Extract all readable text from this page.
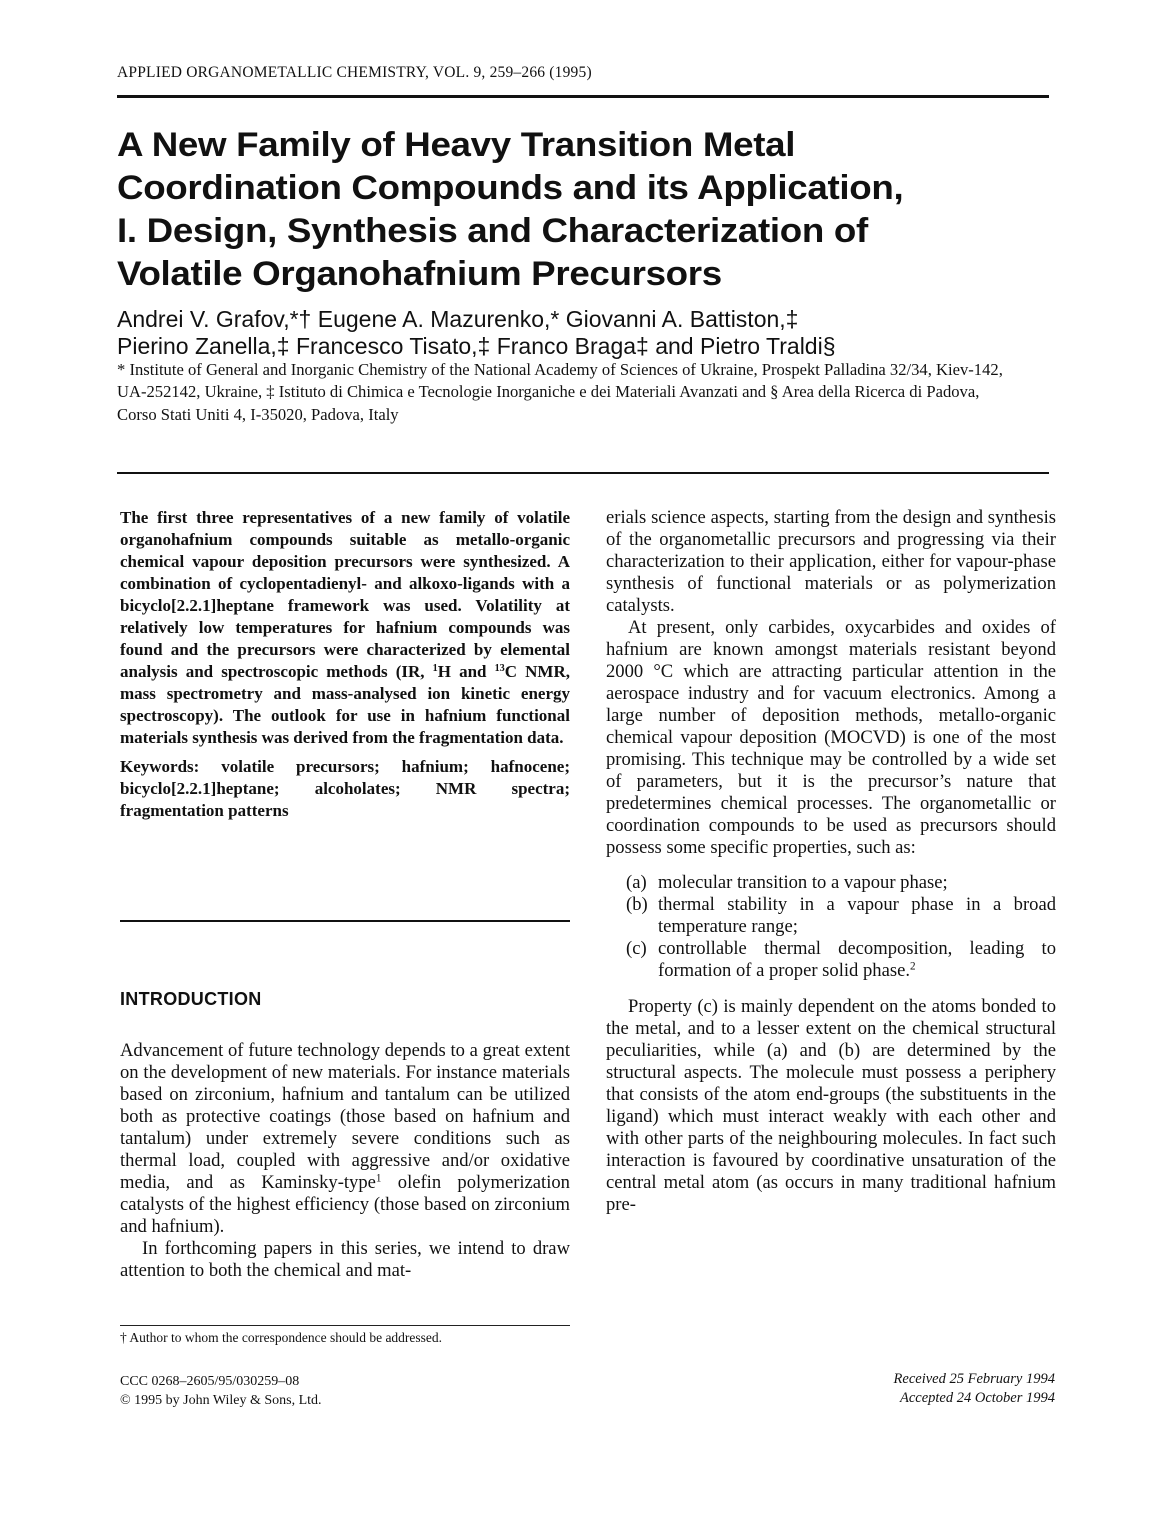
APPLIED ORGANOMETALLIC CHEMISTRY, VOL. 9, 259–266 (1995)
A New Family of Heavy Transition Metal
Coordination Compounds and its Application,
I. Design, Synthesis and Characterization of
Volatile Organohafnium Precursors
Andrei V. Grafov,*† Eugene A. Mazurenko,* Giovanni A. Battiston,‡
Pierino Zanella,‡ Francesco Tisato,‡ Franco Braga‡ and Pietro Traldi§
* Institute of General and Inorganic Chemistry of the National Academy of Sciences of Ukraine, Prospekt Palladina 32/34, Kiev-142, UA-252142, Ukraine, ‡ Istituto di Chimica e Tecnologie Inorganiche e dei Materiali Avanzati and § Area della Ricerca di Padova, Corso Stati Uniti 4, I-35020, Padova, Italy

The first three representatives of a new family of volatile organohafnium compounds suitable as metallo-organic chemical vapour deposition precursors were synthesized. A combination of cyclopentadienyl- and alkoxo-ligands with a bicyclo[2.2.1]heptane framework was used. Volatility at relatively low temperatures for hafnium compounds was found and the precursors were characterized by elemental analysis and spectroscopic methods (IR, $^1$H and $^{13}$C NMR, mass spectrometry and mass-analysed ion kinetic energy spectroscopy). The outlook for use in hafnium functional materials synthesis was derived from the fragmentation data.

Keywords: volatile precursors; hafnium; hafnocene; bicyclo[2.2.1]heptane; alcoholates; NMR spectra; fragmentation patterns

INTRODUCTION

Advancement of future technology depends to a great extent on the development of new materials. For instance materials based on zirconium, hafnium and tantalum can be utilized both as protective coatings (those based on hafnium and tantalum) under extremely severe conditions such as thermal load, coupled with aggressive and/or oxidative media, and as Kaminsky-type$^1$ olefin polymerization catalysts of the highest efficiency (those based on zirconium and hafnium).

In forthcoming papers in this series, we intend to draw attention to both the chemical and mat-

† Author to whom the correspondence should be addressed.
CCC 0268–2605/95/030259–08
© 1995 by John Wiley & Sons, Ltd.

erials science aspects, starting from the design and synthesis of the organometallic precursors and progressing via their characterization to their application, either for vapour-phase synthesis of functional materials or as polymerization catalysts.

At present, only carbides, oxycarbides and oxides of hafnium are known amongst materials resistant beyond 2000 °C which are attracting particular attention in the aerospace industry and for vacuum electronics. Among a large number of deposition methods, metallo-organic chemical vapour deposition (MOCVD) is one of the most promising. This technique may be controlled by a wide set of parameters, but it is the precursor’s nature that predetermines chemical processes. The organometallic or coordination compounds to be used as precursors should possess some specific properties, such as:

(a) molecular transition to a vapour phase;
(b) thermal stability in a vapour phase in a broad temperature range;
(c) controllable thermal decomposition, leading to formation of a proper solid phase.$^2$

Property (c) is mainly dependent on the atoms bonded to the metal, and to a lesser extent on the chemical structural peculiarities, while (a) and (b) are determined by the structural aspects. The molecule must possess a periphery that consists of the atom end-groups (the substituents in the ligand) which must interact weakly with each other and with other parts of the neighbouring molecules. In fact such interaction is favoured by coordinative unsaturation of the central metal atom (as occurs in many traditional hafnium pre-

Received 25 February 1994
Accepted 24 October 1994
